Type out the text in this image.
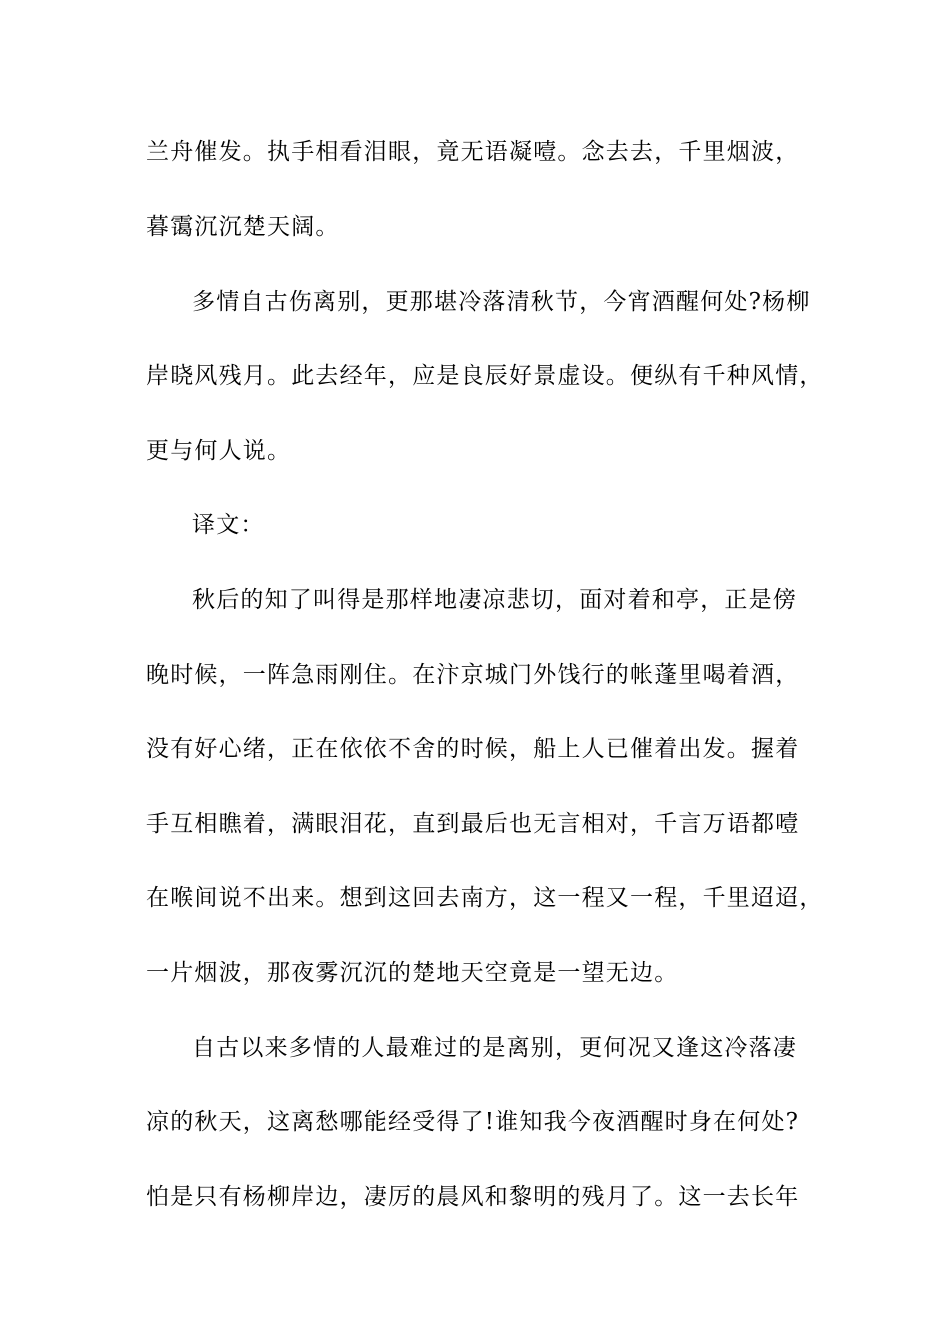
兰舟催发。执手相看泪眼，竟无语凝噎。念去去，千里烟波，
暮霭沉沉楚天阔。
多情自古伤离别，更那堪冷落清秋节，今宵酒醒何处?杨柳
岸晓风残月。此去经年，应是良辰好景虚设。便纵有千种风情，
更与何人说。
译文：
秋后的知了叫得是那样地凄凉悲切，面对着和亭，正是傍
晚时候，一阵急雨刚住。在汴京城门外饯行的帐蓬里喝着酒，
没有好心绪，正在依依不舍的时候，船上人已催着出发。握着
手互相瞧着，满眼泪花，直到最后也无言相对，千言万语都噎
在喉间说不出来。想到这回去南方，这一程又一程，千里迢迢，
一片烟波，那夜雾沉沉的楚地天空竟是一望无边。
自古以来多情的人最难过的是离别，更何况又逢这冷落凄
凉的秋天，这离愁哪能经受得了!谁知我今夜酒醒时身在何处?
怕是只有杨柳岸边，凄厉的晨风和黎明的残月了。这一去长年
